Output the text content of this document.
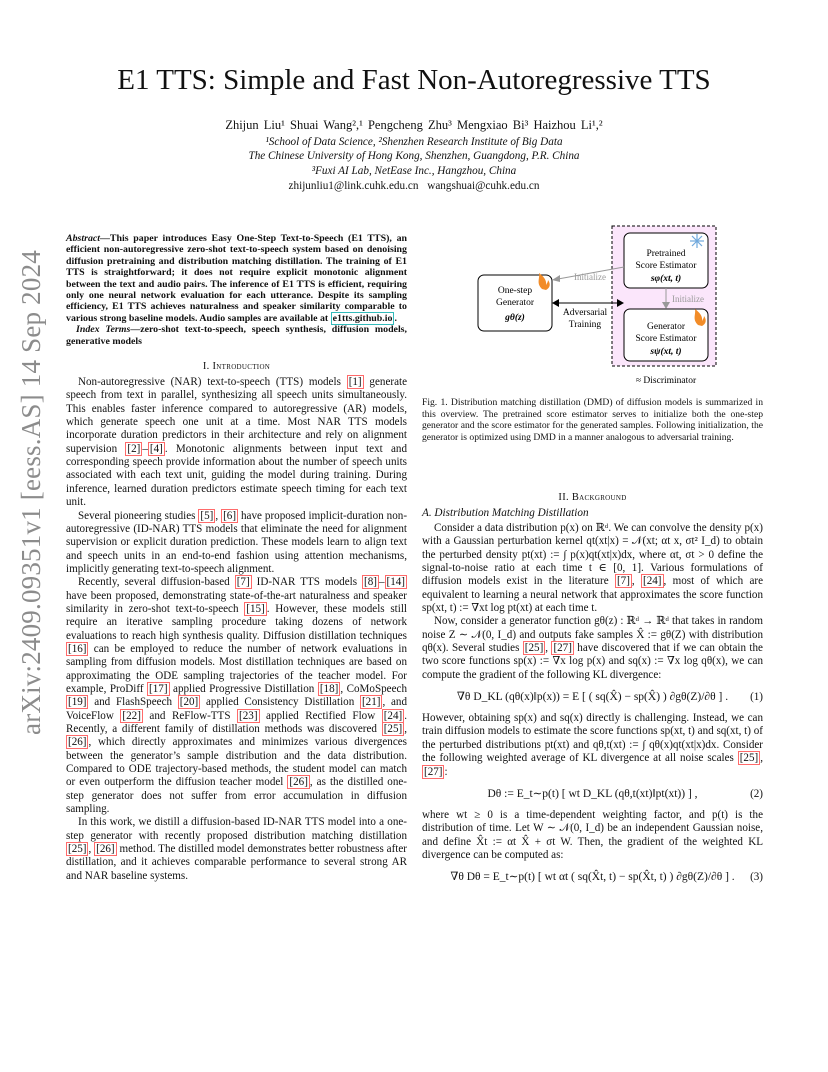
arXiv:2409.09351v1 [eess.AS] 14 Sep 2024
E1 TTS: Simple and Fast Non-Autoregressive TTS
Zhijun Liu¹ Shuai Wang²,¹ Pengcheng Zhu³ Mengxiao Bi³ Haizhou Li¹,²
¹School of Data Science, ²Shenzhen Research Institute of Big Data
The Chinese University of Hong Kong, Shenzhen, Guangdong, P.R. China
³Fuxi AI Lab, NetEase Inc., Hangzhou, China
zhijunliu1@link.cuhk.edu.cn wangshuai@cuhk.edu.cn
Abstract—This paper introduces Easy One-Step Text-to-Speech (E1 TTS), an efficient non-autoregressive zero-shot text-to-speech system based on denoising diffusion pretraining and distribution matching distillation. The training of E1 TTS is straightforward; it does not require explicit monotonic alignment between the text and audio pairs. The inference of E1 TTS is efficient, requiring only one neural network evaluation for each utterance. Despite its sampling efficiency, E1 TTS achieves naturalness and speaker similarity comparable to various strong baseline models. Audio samples are available at e1tts.github.io .
Index Terms—zero-shot text-to-speech, speech synthesis, diffusion models, generative models
I. Introduction

Non-autoregressive (NAR) text-to-speech (TTS) models [1] generate speech from text in parallel, synthesizing all speech units simultaneously. This enables faster inference compared to autoregressive (AR) models, which generate speech one unit at a time. Most NAR TTS models incorporate duration predictors in their architecture and rely on alignment supervision [2] – [4] . Monotonic alignments between input text and corresponding speech provide information about the number of speech units associated with each text unit, guiding the model during training. During inference, learned duration predictors estimate speech timing for each text unit.

Several pioneering studies [5] , [6] have proposed implicit-duration non-autoregressive (ID-NAR) TTS models that eliminate the need for alignment supervision or explicit duration prediction. These models learn to align text and speech units in an end-to-end fashion using attention mechanisms, implicitly generating text-to-speech alignment.

Recently, several diffusion-based [7] ID-NAR TTS models [8] – [14] have been proposed, demonstrating state-of-the-art naturalness and speaker similarity in zero-shot text-to-speech [15] . However, these models still require an iterative sampling procedure taking dozens of network evaluations to reach high synthesis quality. Diffusion distillation techniques [16] can be employed to reduce the number of network evaluations in sampling from diffusion models. Most distillation techniques are based on approximating the ODE sampling trajectories of the teacher model. For example, ProDiff [17] applied Progressive Distillation [18] , CoMoSpeech [19] and FlashSpeech [20] applied Consistency Distillation [21] , and VoiceFlow [22] and ReFlow-TTS [23] applied Rectified Flow [24] . Recently, a different family of distillation methods was discovered [25] , [26] , which directly approximates and minimizes various divergences between the generator’s sample distribution and the data distribution. Compared to ODE trajectory-based methods, the student model can match or even outperform the diffusion teacher model [26] , as the distilled one-step generator does not suffer from error accumulation in diffusion sampling.

In this work, we distill a diffusion-based ID-NAR TTS model into a one-step generator with recently proposed distribution matching distillation [25] , [26] method. The distilled model demonstrates better robustness after distillation, and it achieves comparable performance to several strong AR and NAR baseline systems.

Pretrained
Score Estimator
sφ(xt, t)
Generator
Score Estimator
sψ(xt, t)
One-step
Generator
gθ(z)
Initialize
Initialize
Adversarial
Training
≈ Discriminator
Fig. 1. Distribution matching distillation (DMD) of diffusion models is summarized in this overview. The pretrained score estimator serves to initialize both the one-step generator and the score estimator for the generated samples. Following initialization, the generator is optimized using DMD in a manner analogous to adversarial training.
II. Background
A. Distribution Matching Distillation

Consider a data distribution p(x) on ℝᵈ. We can convolve the density p(x) with a Gaussian perturbation kernel qt(xt|x) = 𝒩(xt; αt x, σt² I_d) to obtain the perturbed density pt(xt) := ∫ p(x)qt(xt|x)dx, where αt, σt > 0 define the signal-to-noise ratio at each time t ∈ [0, 1]. Various formulations of diffusion models exist in the literature [7] , [24] , most of which are equivalent to learning a neural network that approximates the score function sp(xt, t) := ∇xt log pt(xt) at each time t.

Now, consider a generator function gθ(z) : ℝᵈ → ℝᵈ that takes in random noise Z ∼ 𝒩(0, I_d) and outputs fake samples X̂ := gθ(Z) with distribution qθ(x). Several studies [25] , [27] have discovered that if we can obtain the two score functions sp(x) := ∇x log p(x) and sq(x) := ∇x log qθ(x), we can compute the gradient of the following KL divergence:

∇θ D_KL (qθ(x)‖p(x)) = E [ ( sq(X̂) − sp(X̂) ) ∂gθ(Z)/∂θ ] . (1)

However, obtaining sp(x) and sq(x) directly is challenging. Instead, we can train diffusion models to estimate the score functions sp(xt, t) and sq(xt, t) of the perturbed distributions pt(xt) and qθ,t(xt) := ∫ qθ(x)qt(xt|x)dx. Consider the following weighted average of KL divergence at all noise scales [25] , [27] :

Dθ := E_t∼p(t) [ wt D_KL (qθ,t(xt)‖pt(xt)) ] ,	(2)

where wt ≥ 0 is a time-dependent weighting factor, and p(t) is the distribution of time. Let W ∼ 𝒩(0, I_d) be an independent Gaussian noise, and define X̂t := αt X̂ + σt W. Then, the gradient of the weighted KL divergence can be computed as:

∇θ Dθ = E_t∼p(t) [ wt αt ( sq(X̂t, t) − sp(X̂t, t) ) ∂gθ(Z)/∂θ ] . (3)
